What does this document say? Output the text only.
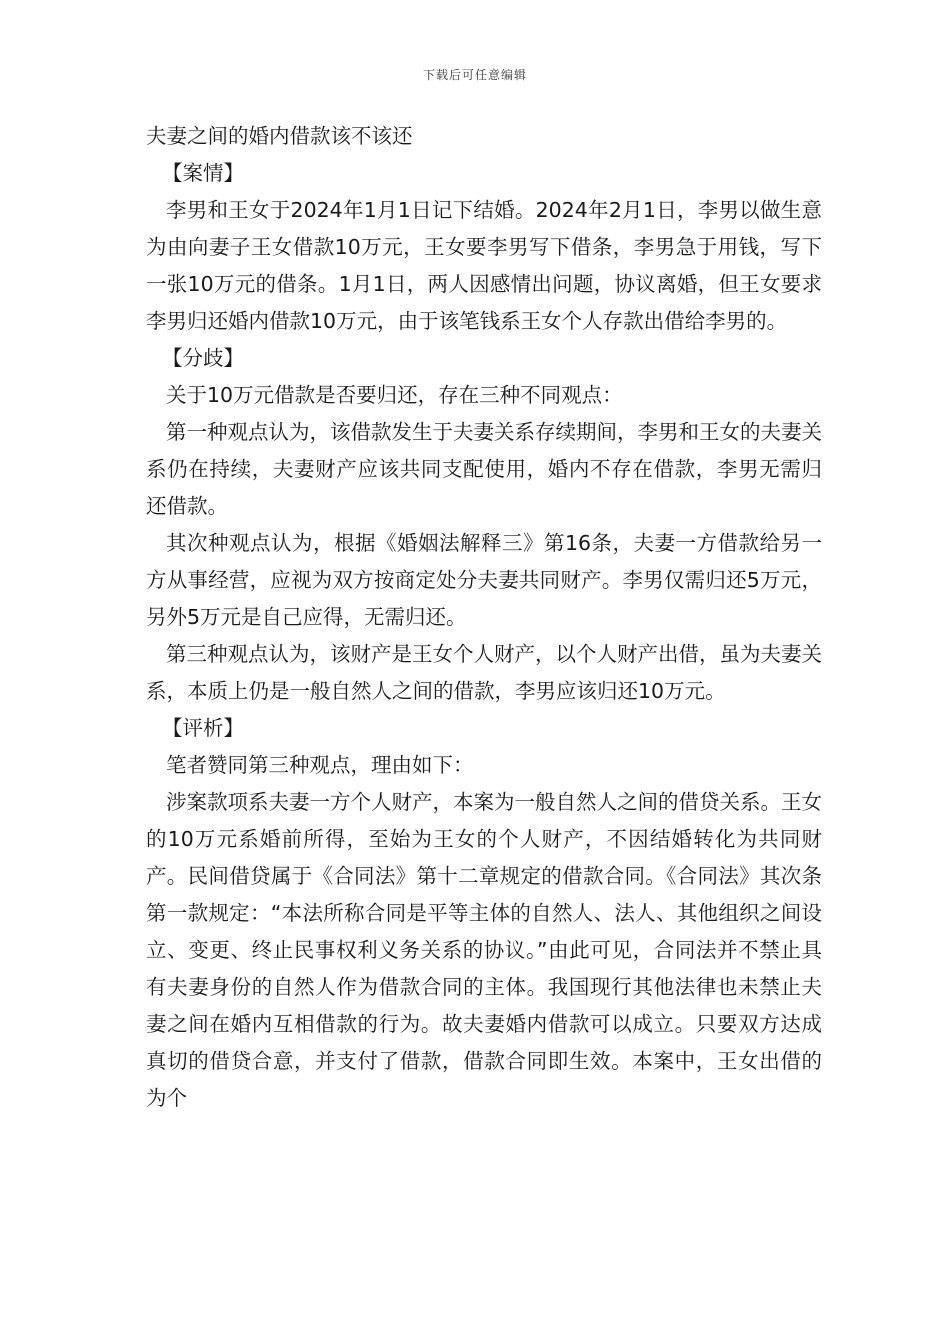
下载后可任意编辑

夫妻之间的婚内借款该不该还

【案情】

李男和王女于2024年1月1日记下结婚。2024年2月1日，李男以做生意为由向妻子王女借款10万元，王女要李男写下借条，李男急于用钱，写下一张10万元的借条。1月1日，两人因感情出问题，协议离婚，但王女要求李男归还婚内借款10万元，由于该笔钱系王女个人存款出借给李男的。

【分歧】

关于10万元借款是否要归还，存在三种不同观点：

第一种观点认为，该借款发生于夫妻关系存续期间，李男和王女的夫妻关系仍在持续，夫妻财产应该共同支配使用，婚内不存在借款，李男无需归还借款。

其次种观点认为，根据《婚姻法解释三》第16条，夫妻一方借款给另一方从事经营，应视为双方按商定处分夫妻共同财产。李男仅需归还5万元，另外5万元是自己应得，无需归还。

第三种观点认为，该财产是王女个人财产，以个人财产出借，虽为夫妻关系，本质上仍是一般自然人之间的借款，李男应该归还10万元。

【评析】

笔者赞同第三种观点，理由如下：

涉案款项系夫妻一方个人财产，本案为一般自然人之间的借贷关系。王女的10万元系婚前所得，至始为王女的个人财产，不因结婚转化为共同财产。民间借贷属于《合同法》第十二章规定的借款合同。《合同法》其次条第一款规定：“本法所称合同是平等主体的自然人、法人、其他组织之间设立、变更、终止民事权利义务关系的协议。”由此可见，合同法并不禁止具有夫妻身份的自然人作为借款合同的主体。我国现行其他法律也未禁止夫妻之间在婚内互相借款的行为。故夫妻婚内借款可以成立。只要双方达成真切的借贷合意，并支付了借款，借款合同即生效。本案中，王女出借的为个
